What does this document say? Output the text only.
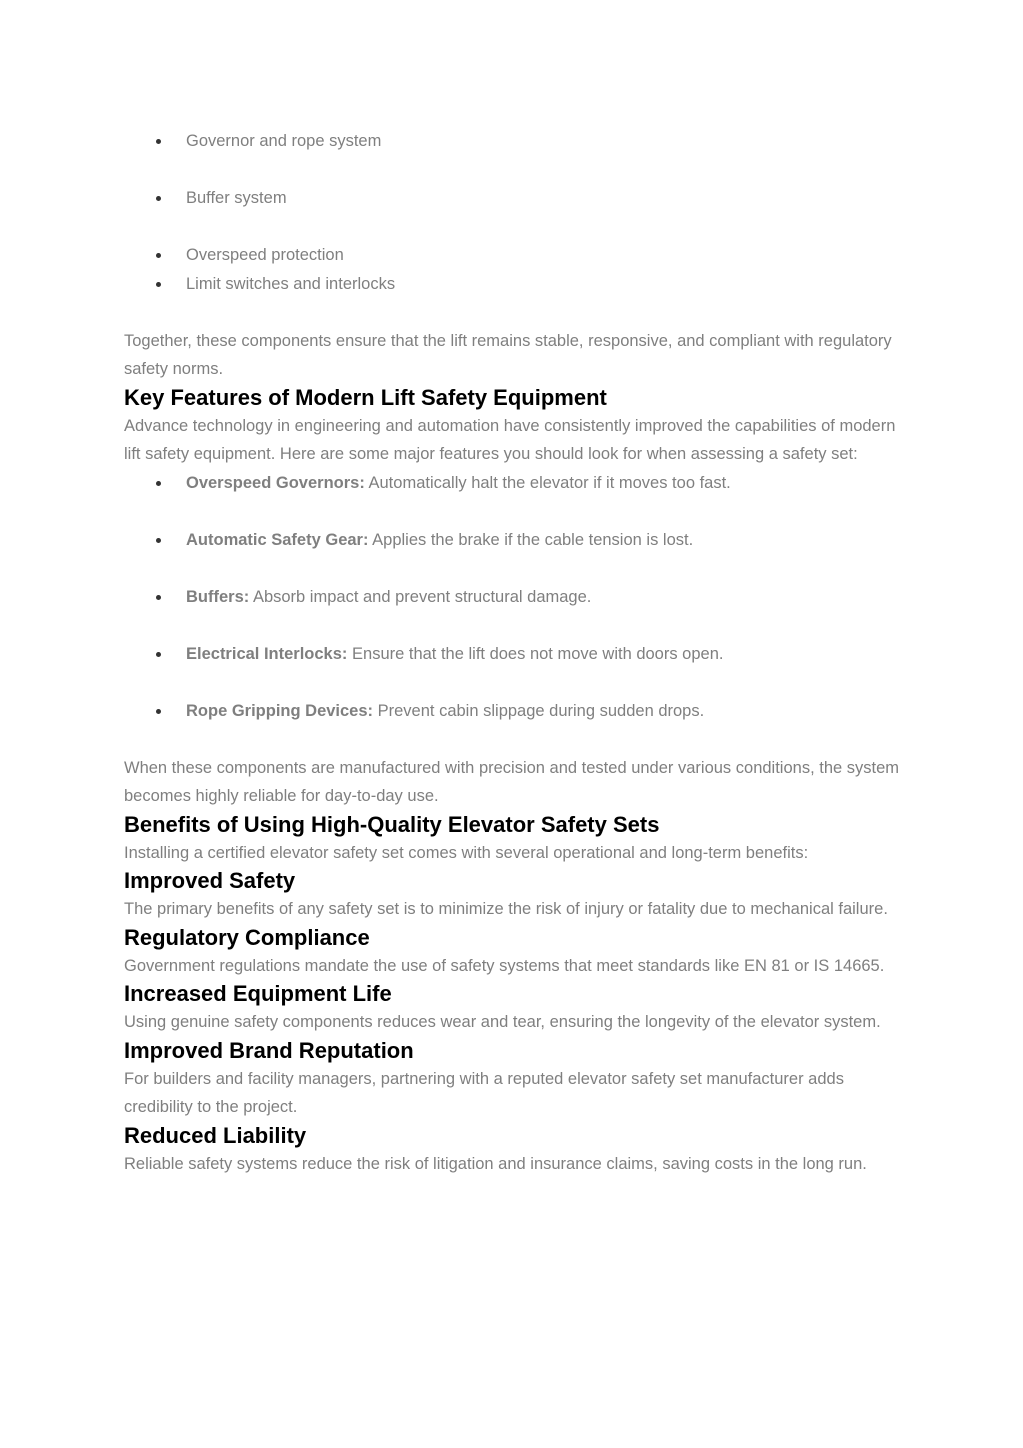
Governor and rope system
Buffer system
Overspeed protection
Limit switches and interlocks

Together, these components ensure that the lift remains stable, responsive, and compliant with regulatory safety norms.

Key Features of Modern Lift Safety Equipment

Advance technology in engineering and automation have consistently improved the capabilities of modern lift safety equipment. Here are some major features you should look for when assessing a safety set:

Overspeed Governors: Automatically halt the elevator if it moves too fast.
Automatic Safety Gear: Applies the brake if the cable tension is lost.
Buffers: Absorb impact and prevent structural damage.
Electrical Interlocks: Ensure that the lift does not move with doors open.
Rope Gripping Devices: Prevent cabin slippage during sudden drops.

When these components are manufactured with precision and tested under various conditions, the system becomes highly reliable for day-to-day use.

Benefits of Using High-Quality Elevator Safety Sets

Installing a certified elevator safety set comes with several operational and long-term benefits:

Improved Safety

The primary benefits of any safety set is to minimize the risk of injury or fatality due to mechanical failure.

Regulatory Compliance

Government regulations mandate the use of safety systems that meet standards like EN 81 or IS 14665.

Increased Equipment Life

Using genuine safety components reduces wear and tear, ensuring the longevity of the elevator system.

Improved Brand Reputation

For builders and facility managers, partnering with a reputed elevator safety set manufacturer adds credibility to the project.

Reduced Liability

Reliable safety systems reduce the risk of litigation and insurance claims, saving costs in the long run.
